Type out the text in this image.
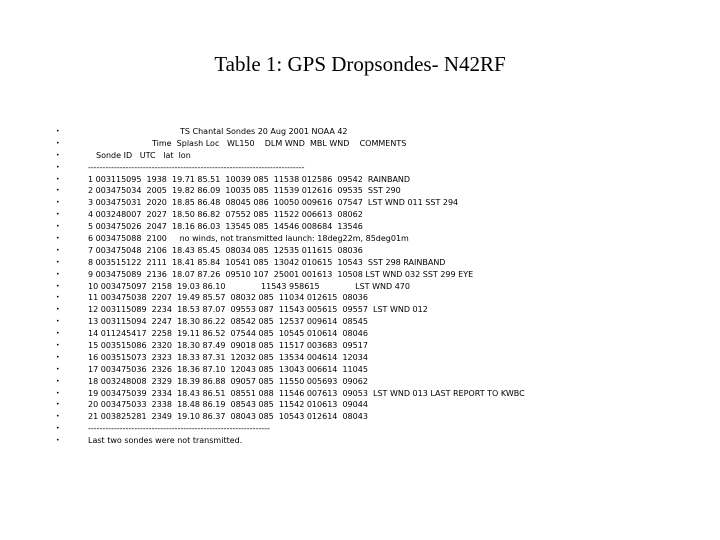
Table 1: GPS Dropsondes- N42RF
•	TS Chantal Sondes 20 Aug 2001 NOAA 42
•	Time  Splash Loc   WL150    DLM WND  MBL WND    COMMENTS
•	Sonde ID   UTC   lat  lon
•	---------------------------------------------------------------------------
•	1 003115095  1938  19.71 85.51  10039 085  11538 012586  09542  RAINBAND
•	2 003475034  2005  19.82 86.09  10035 085  11539 012616  09535  SST 290
•	3 003475031  2020  18.85 86.48  08045 086  10050 009616  07547  LST WND 011 SST 294
•	4 003248007  2027  18.50 86.82  07552 085  11522 006613  08062
•	5 003475026  2047  18.16 86.03  13545 085  14546 008684  13546
•	6 003475088  2100     no winds, not transmitted launch: 18deg22m, 85deg01m
•	7 003475048  2106  18.43 85.45  08034 085  12535 011615  08036
•	8 003515122  2111  18.41 85.84  10541 085  13042 010615  10543  SST 298 RAINBAND
•	9 003475089  2136  18.07 87.26  09510 107  25001 001613  10508 LST WND 032 SST 299 EYE
•	10 003475097  2158  19.03 86.10              11543 958615              LST WND 470
•	11 003475038  2207  19.49 85.57  08032 085  11034 012615  08036
•	12 003115089  2234  18.53 87.07  09553 087  11543 005615  09557  LST WND 012
•	13 003115094  2247  18.30 86.22  08542 085  12537 009614  08545
•	14 011245417  2258  19.11 86.52  07544 085  10545 010614  08046
•	15 003515086  2320  18.30 87.49  09018 085  11517 003683  09517
•	16 003515073  2323  18.33 87.31  12032 085  13534 004614  12034
•	17 003475036  2326  18.36 87.10  12043 085  13043 006614  11045
•	18 003248008  2329  18.39 86.88  09057 085  11550 005693  09062
•	19 003475039  2334  18.43 86.51  08551 088  11546 007613  09053  LST WND 013 LAST REPORT TO KWBC
•	20 003475033  2338  18.48 86.19  08543 085  11542 010613  09044
•	21 003825281  2349  19.10 86.37  08043 085  10543 012614  08043
•	---------------------------------------------------------------
•	Last two sondes were not transmitted.
